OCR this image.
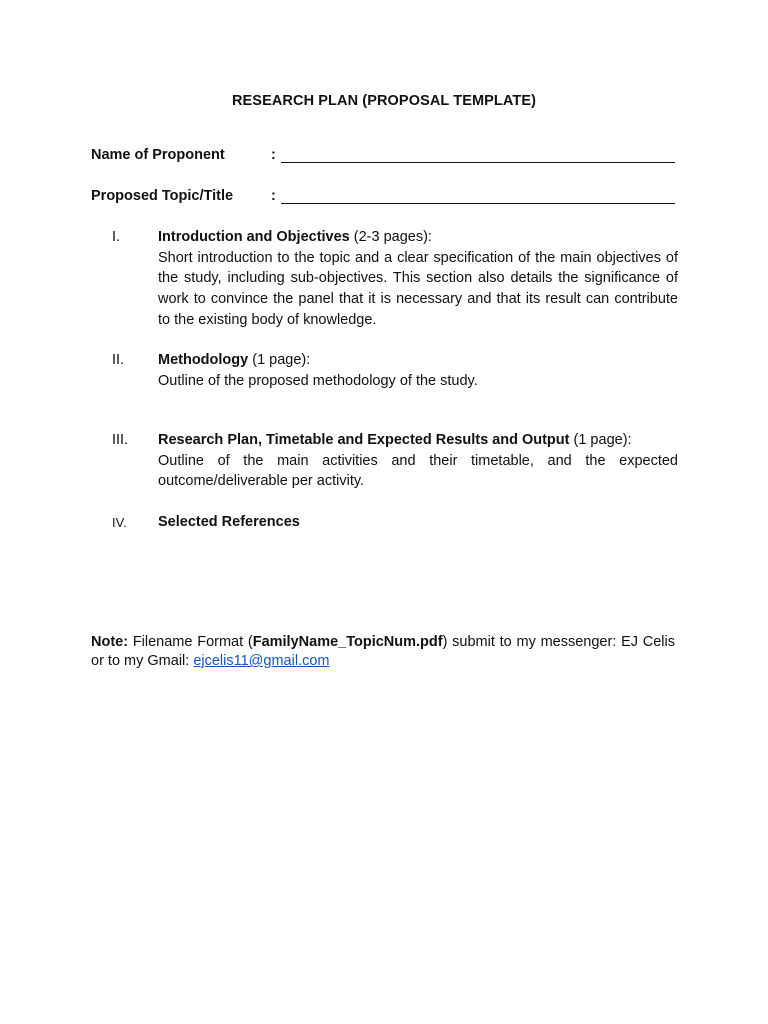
RESEARCH PLAN (PROPOSAL TEMPLATE)
Name of Proponent	:
Proposed Topic/Title	:
I.	Introduction and Objectives (2-3 pages):
Short introduction to the topic and a clear specification of the main objectives of the study, including sub-objectives. This section also details the significance of work to convince the panel that it is necessary and that its result can contribute to the existing body of knowledge.
II. Methodology (1 page):
Outline of the proposed methodology of the study.
III. Research Plan, Timetable and Expected Results and Output (1 page):
Outline of the main activities and their timetable, and the expected outcome/deliverable per activity.
IV. Selected References
Note: Filename Format (FamilyName_TopicNum.pdf) submit to my messenger: EJ Celis or to my Gmail: ejcelis11@gmail.com
